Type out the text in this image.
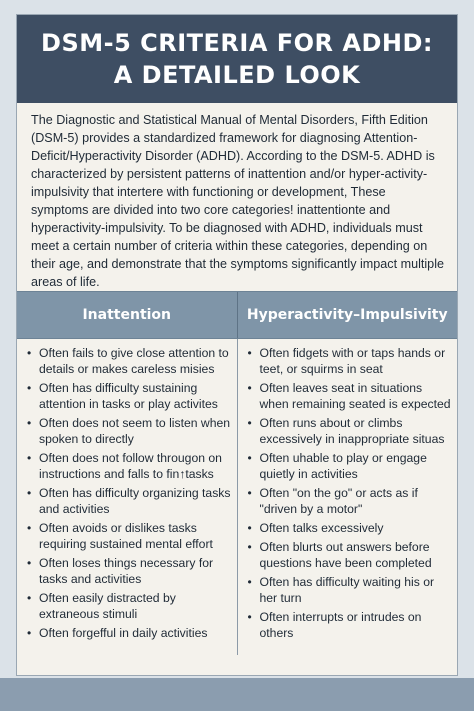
DSM-5 CRITERIA FOR ADHD:
A DETAILED LOOK
The Diagnostic and Statistical Manual of Mental Disorders, Fifth Edition (DSM-5) provides a standardized framework for diagnosing Attention-Deficit/Hyperactivity Disorder (ADHD). According to the DSM-5. ADHD is characterized by persistent patterns of inattention and/or hyper-activity-impulsivity that intertere with functioning or development, These symptoms are divided into two core categories! inattentionte and hyperactivity-impulsivity. To be diagnosed with ADHD, individuals must meet a certain number of criteria within these categories, depending on their age, and demonstrate that the symptoms significantly impact multiple areas of life.
Inattention	Hyperactivity–Impulsivity
• Often fails to give close attention to details or makes careless misies
• Often has difficulty sustaining attention in tasks or play activites
• Often does not seem to listen when spoken to directly
• Often does not follow througon on instructions and falls to fin↑tasks
• Often has difficulty organizing tasks and activities
• Often avoids or dislikes tasks requiring sustained mental effort
• Often loses things necessary for tasks and activities
• Often easily distracted by extraneous stimuli
• Often forgefful in daily activities
• Often fidgets with or taps hands or teet, or squirms in seat
• Often leaves seat in situations when remaining seated is expected
• Often runs about or climbs excessively in inappropriate situas
• Often uhable to play or engage quietly in activities
• Often "on the go" or acts as if "driven by a motor"
• Often talks excessively
• Often blurts out answers before questions have been completed
• Often has difficulty waiting his or her turn
• Often interrupts or intrudes on others
